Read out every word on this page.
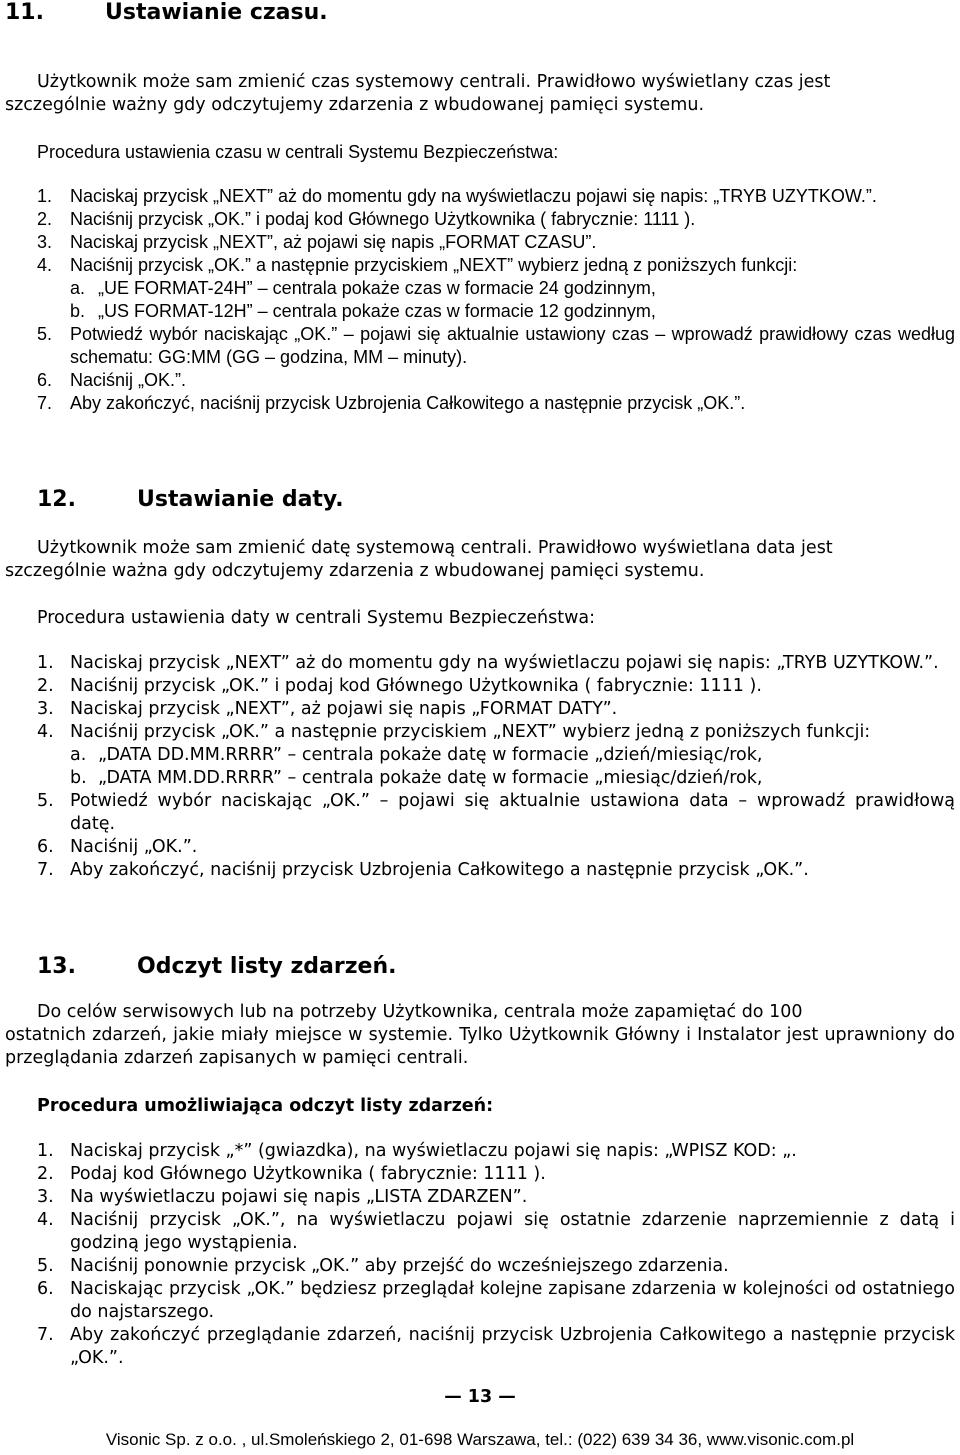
11.	Ustawianie czasu.

Użytkownik może sam zmienić czas systemowy centrali. Prawidłowo wyświetlany czas jest
szczególnie ważny gdy odczytujemy zdarzenia z wbudowanej pamięci systemu.

Procedura ustawienia czasu w centrali Systemu Bezpieczeństwa:

1. Naciskaj przycisk „NEXT” aż do momentu gdy na wyświetlaczu pojawi się napis: „TRYB UZYTKOW.”.
2. Naciśnij przycisk „OK.” i podaj kod Głównego Użytkownika ( fabrycznie: 1111 ).
3. Naciskaj przycisk „NEXT”, aż pojawi się napis „FORMAT CZASU”.
4. Naciśnij przycisk „OK.” a następnie przyciskiem „NEXT” wybierz jedną z poniższych funkcji:
a. „UE FORMAT-24H” – centrala pokaże czas w formacie 24 godzinnym,
b. „US FORMAT-12H” – centrala pokaże czas w formacie 12 godzinnym,
5. Potwiedź wybór naciskając „OK.” – pojawi się aktualnie ustawiony czas – wprowadź prawidłowy czas według schematu: GG:MM (GG – godzina, MM – minuty).
6. Naciśnij „OK.”.
7. Aby zakończyć, naciśnij przycisk Uzbrojenia Całkowitego a następnie przycisk „OK.”.
12.	Ustawianie daty.

Użytkownik może sam zmienić datę systemową centrali. Prawidłowo wyświetlana data jest
szczególnie ważna gdy odczytujemy zdarzenia z wbudowanej pamięci systemu.

Procedura ustawienia daty w centrali Systemu Bezpieczeństwa:

1. Naciskaj przycisk „NEXT” aż do momentu gdy na wyświetlaczu pojawi się napis: „TRYB UZYTKOW.”.
2. Naciśnij przycisk „OK.” i podaj kod Głównego Użytkownika ( fabrycznie: 1111 ).
3. Naciskaj przycisk „NEXT”, aż pojawi się napis „FORMAT DATY”.
4. Naciśnij przycisk „OK.” a następnie przyciskiem „NEXT” wybierz jedną z poniższych funkcji:
a. „DATA DD.MM.RRRR” – centrala pokaże datę w formacie „dzień/miesiąc/rok,
b. „DATA MM.DD.RRRR” – centrala pokaże datę w formacie „miesiąc/dzień/rok,
5. Potwiedź wybór naciskając „OK.” – pojawi się aktualnie ustawiona data – wprowadź prawidłową datę.
6. Naciśnij „OK.”.
7. Aby zakończyć, naciśnij przycisk Uzbrojenia Całkowitego a następnie przycisk „OK.”.
13.	Odczyt listy zdarzeń.

Do celów serwisowych lub na potrzeby Użytkownika, centrala może zapamiętać do 100
ostatnich zdarzeń, jakie miały miejsce w systemie. Tylko Użytkownik Główny i Instalator jest uprawniony do przeglądania zdarzeń zapisanych w pamięci centrali.

Procedura umożliwiająca odczyt listy zdarzeń:

1. Naciskaj przycisk „*” (gwiazdka), na wyświetlaczu pojawi się napis: „WPISZ KOD: „.
2. Podaj kod Głównego Użytkownika ( fabrycznie: 1111 ).
3. Na wyświetlaczu pojawi się napis „LISTA ZDARZEN”.
4. Naciśnij przycisk „OK.”, na wyświetlaczu pojawi się ostatnie zdarzenie naprzemiennie z datą i godziną jego wystąpienia.
5. Naciśnij ponownie przycisk „OK.” aby przejść do wcześniejszego zdarzenia.
6. Naciskając przycisk „OK.” będziesz przeglądał kolejne zapisane zdarzenia w kolejności od ostatniego do najstarszego.
7. Aby zakończyć przeglądanie zdarzeń, naciśnij przycisk Uzbrojenia Całkowitego a następnie przycisk „OK.”.
— 13 —
Visonic Sp. z o.o. , ul.Smoleńskiego 2, 01-698 Warszawa, tel.: (022) 639 34 36, www.visonic.com.pl
